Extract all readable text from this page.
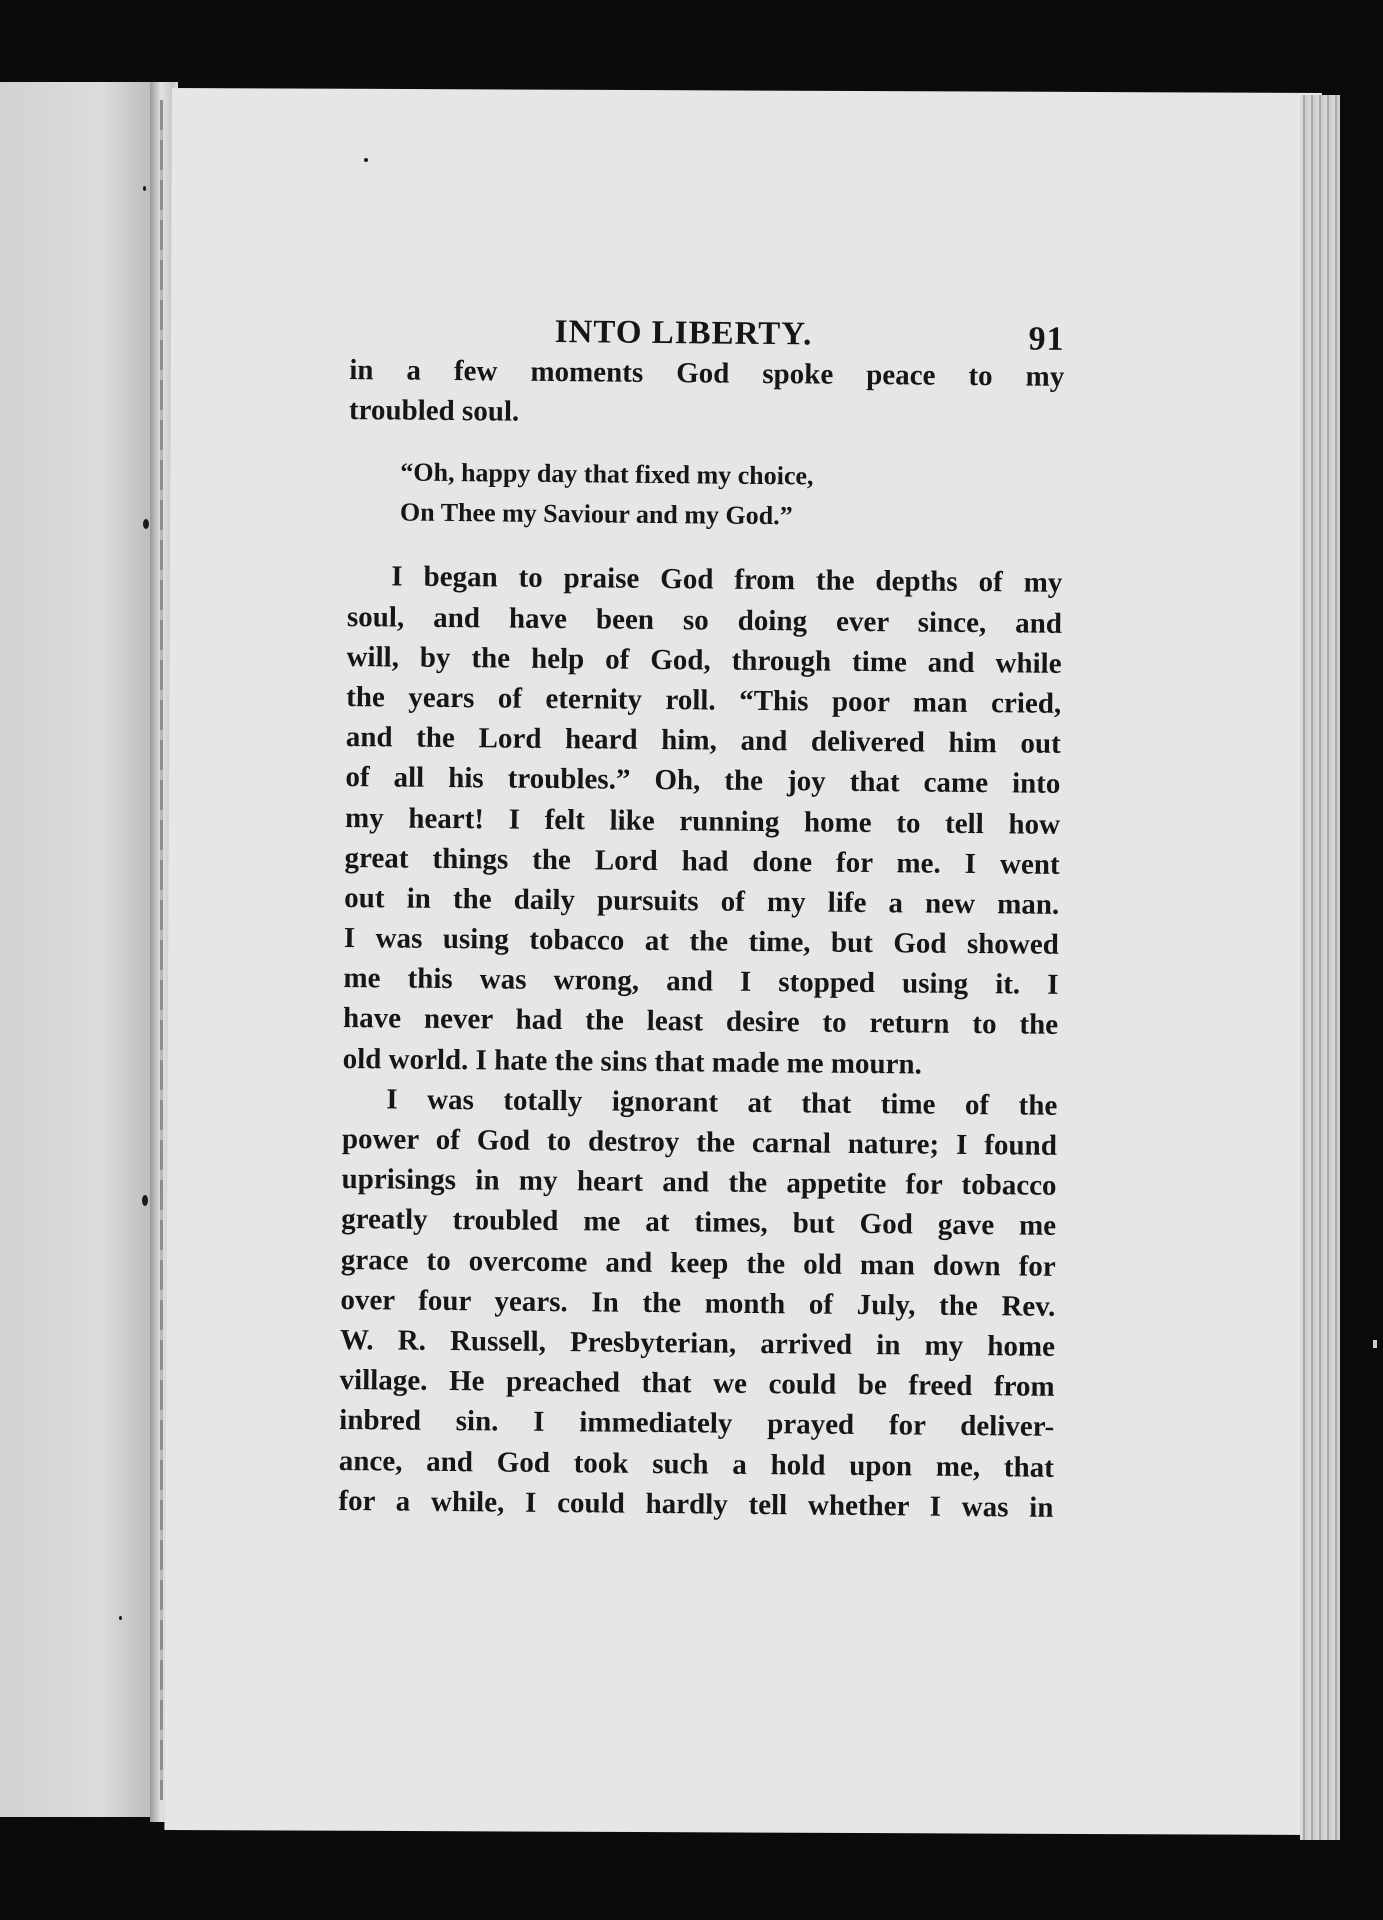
INTO LIBERTY.	91
in a few moments God spoke peace to my
troubled soul.
“Oh, happy day that fixed my choice,
On Thee my Saviour and my God.”
I began to praise God from the depths of my
soul, and have been so doing ever since, and
will, by the help of God, through time and while
the years of eternity roll. “This poor man cried,
and the Lord heard him, and delivered him out
of all his troubles.” Oh, the joy that came into
my heart! I felt like running home to tell how
great things the Lord had done for me. I went
out in the daily pursuits of my life a new man.
I was using tobacco at the time, but God showed
me this was wrong, and I stopped using it. I
have never had the least desire to return to the
old world. I hate the sins that made me mourn.
I was totally ignorant at that time of the
power of God to destroy the carnal nature; I found
uprisings in my heart and the appetite for tobacco
greatly troubled me at times, but God gave me
grace to overcome and keep the old man down for
over four years. In the month of July, the Rev.
W. R. Russell, Presbyterian, arrived in my home
village. He preached that we could be freed from
inbred sin. I immediately prayed for deliver-
ance, and God took such a hold upon me, that
for a while, I could hardly tell whether I was in
